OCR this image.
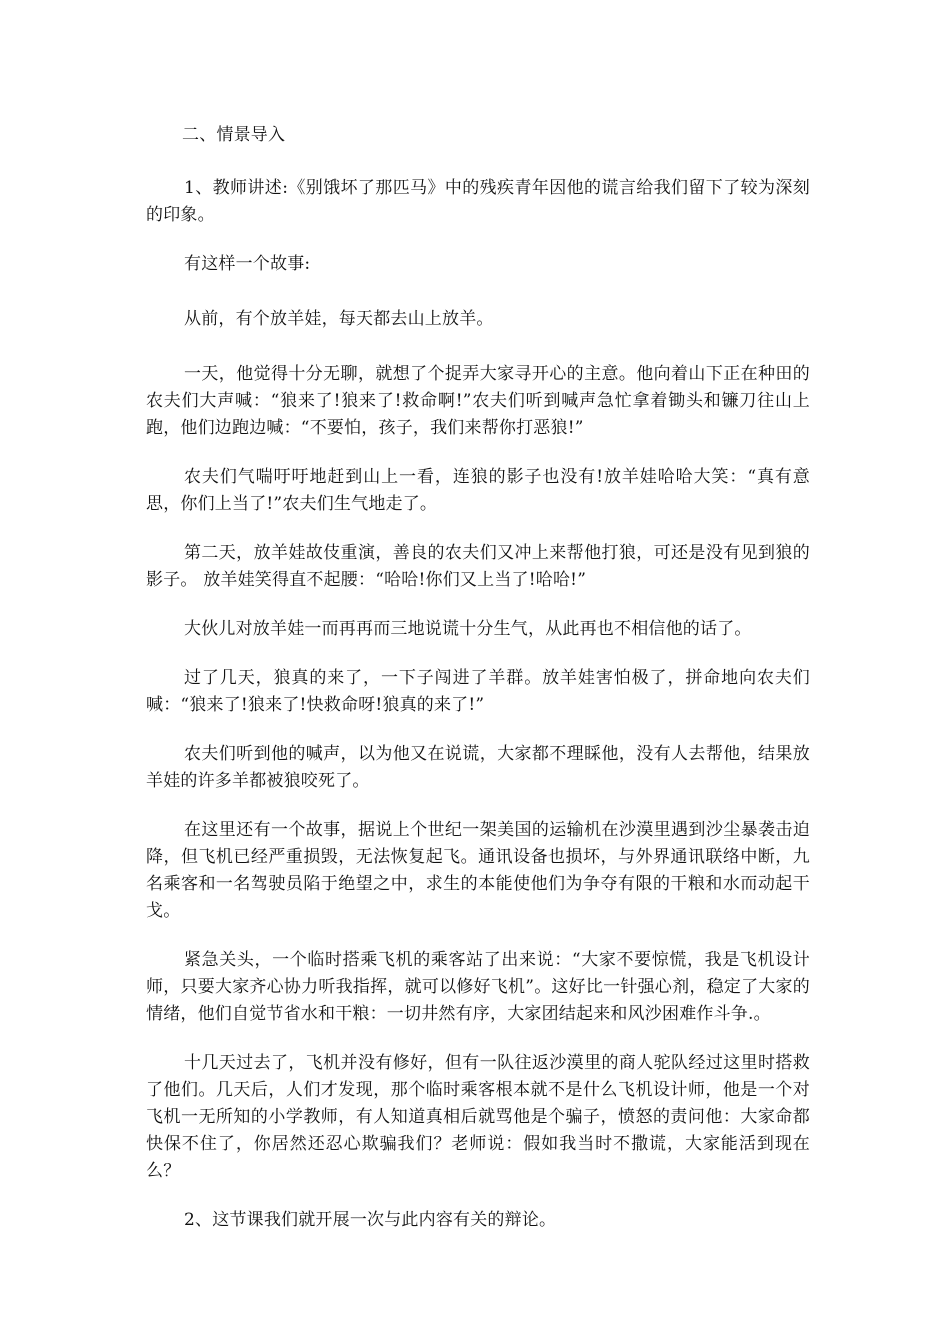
二、情景导入

1、教师讲述:《别饿坏了那匹马》中的残疾青年因他的谎言给我们留下了较为深刻的印象。

有这样一个故事:

从前，有个放羊娃，每天都去山上放羊。

一天，他觉得十分无聊，就想了个捉弄大家寻开心的主意。他向着山下正在种田的农夫们大声喊：“狼来了!狼来了!救命啊!”农夫们听到喊声急忙拿着锄头和镰刀往山上跑，他们边跑边喊：“不要怕，孩子，我们来帮你打恶狼!”

农夫们气喘吁吁地赶到山上一看，连狼的影子也没有!放羊娃哈哈大笑：“真有意思，你们上当了!”农夫们生气地走了。

第二天，放羊娃故伎重演，善良的农夫们又冲上来帮他打狼，可还是没有见到狼的影子。 放羊娃笑得直不起腰：“哈哈!你们又上当了!哈哈!”

大伙儿对放羊娃一而再再而三地说谎十分生气，从此再也不相信他的话了。

过了几天，狼真的来了，一下子闯进了羊群。放羊娃害怕极了，拼命地向农夫们喊：“狼来了!狼来了!快救命呀!狼真的来了!”

农夫们听到他的喊声，以为他又在说谎，大家都不理睬他，没有人去帮他，结果放羊娃的许多羊都被狼咬死了。

在这里还有一个故事，据说上个世纪一架美国的运输机在沙漠里遇到沙尘暴袭击迫降，但飞机已经严重损毁，无法恢复起飞。通讯设备也损坏，与外界通讯联络中断，九名乘客和一名驾驶员陷于绝望之中，求生的本能使他们为争夺有限的干粮和水而动起干戈。

紧急关头，一个临时搭乘飞机的乘客站了出来说：“大家不要惊慌，我是飞机设计师，只要大家齐心协力听我指挥，就可以修好飞机”。这好比一针强心剂，稳定了大家的情绪，他们自觉节省水和干粮：一切井然有序，大家团结起来和风沙困难作斗争.。

十几天过去了，飞机并没有修好，但有一队往返沙漠里的商人驼队经过这里时搭救了他们。几天后，人们才发现，那个临时乘客根本就不是什么飞机设计师，他是一个对飞机一无所知的小学教师，有人知道真相后就骂他是个骗子，愤怒的责问他：大家命都快保不住了，你居然还忍心欺骗我们？老师说：假如我当时不撒谎，大家能活到现在么？

2、这节课我们就开展一次与此内容有关的辩论。
